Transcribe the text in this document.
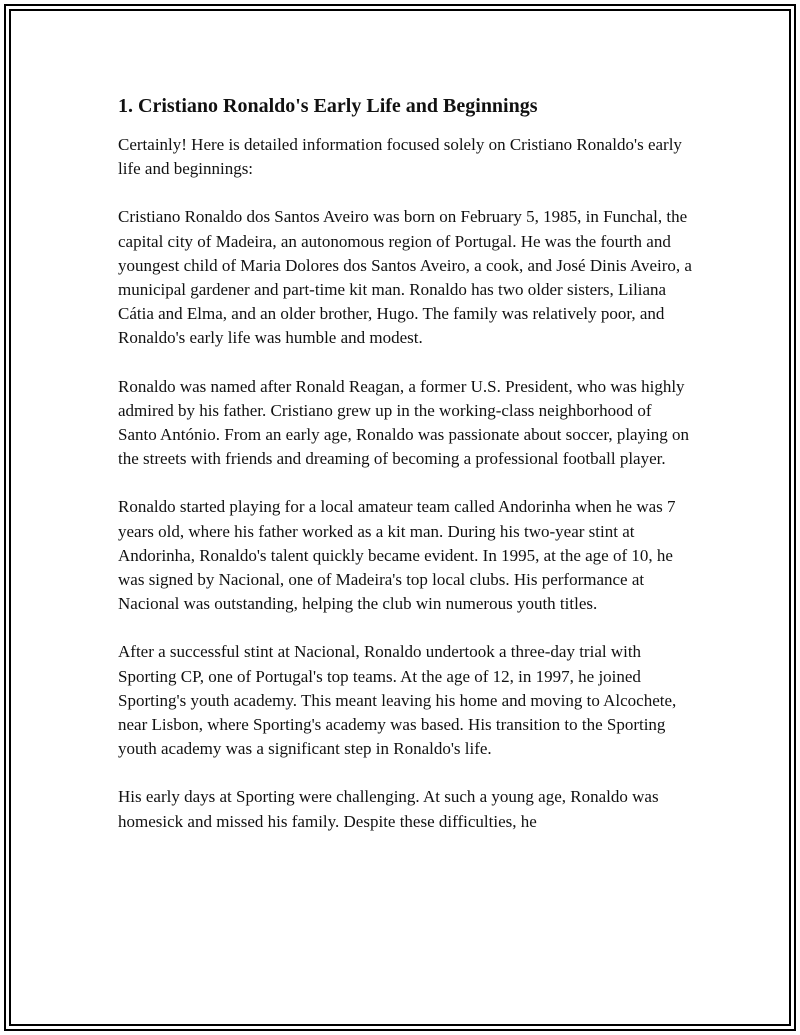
1. Cristiano Ronaldo's Early Life and Beginnings

Certainly! Here is detailed information focused solely on Cristiano Ronaldo's early life and beginnings:

Cristiano Ronaldo dos Santos Aveiro was born on February 5, 1985, in Funchal, the capital city of Madeira, an autonomous region of Portugal. He was the fourth and youngest child of Maria Dolores dos Santos Aveiro, a cook, and José Dinis Aveiro, a municipal gardener and part-time kit man. Ronaldo has two older sisters, Liliana Cátia and Elma, and an older brother, Hugo. The family was relatively poor, and Ronaldo's early life was humble and modest.

Ronaldo was named after Ronald Reagan, a former U.S. President, who was highly admired by his father. Cristiano grew up in the working-class neighborhood of Santo António. From an early age, Ronaldo was passionate about soccer, playing on the streets with friends and dreaming of becoming a professional football player.

Ronaldo started playing for a local amateur team called Andorinha when he was 7 years old, where his father worked as a kit man. During his two-year stint at Andorinha, Ronaldo's talent quickly became evident. In 1995, at the age of 10, he was signed by Nacional, one of Madeira's top local clubs. His performance at Nacional was outstanding, helping the club win numerous youth titles.

After a successful stint at Nacional, Ronaldo undertook a three-day trial with Sporting CP, one of Portugal's top teams. At the age of 12, in 1997, he joined Sporting's youth academy. This meant leaving his home and moving to Alcochete, near Lisbon, where Sporting's academy was based. His transition to the Sporting youth academy was a significant step in Ronaldo's life.

His early days at Sporting were challenging. At such a young age, Ronaldo was homesick and missed his family. Despite these difficulties, he
